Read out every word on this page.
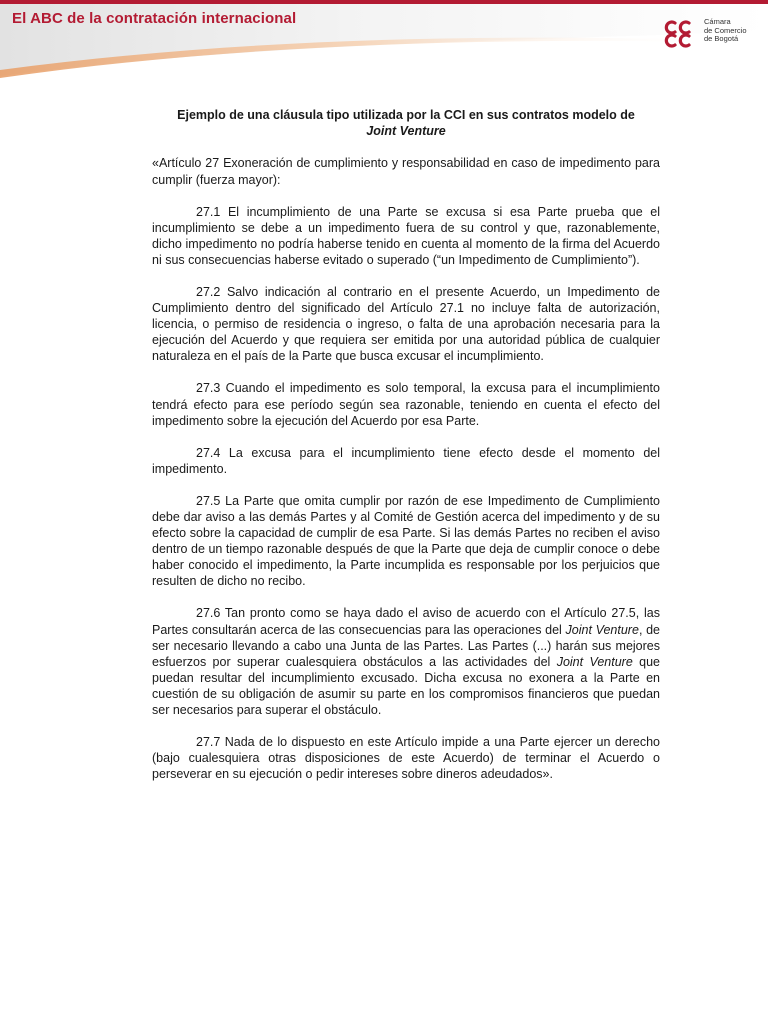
El ABC de la contratación internacional	Cámara
de Comercio
de Bogotá
Ejemplo de una cláusula tipo utilizada por la CCI en sus contratos modelo de
Joint Venture

«Artículo 27 Exoneración de cumplimiento y responsabilidad en caso de impedimento para cumplir (fuerza mayor):

27.1 El incumplimiento de una Parte se excusa si esa Parte prueba que el incumplimiento se debe a un impedimento fuera de su control y que, razonablemente, dicho impedimento no podría haberse tenido en cuenta al momento de la firma del Acuerdo ni sus consecuencias haberse evitado o superado (“un Impedimento de Cumplimiento”).

27.2 Salvo indicación al contrario en el presente Acuerdo, un Impedimento de Cumplimiento dentro del significado del Artículo 27.1 no incluye falta de autorización, licencia, o permiso de residencia o ingreso, o falta de una aprobación necesaria para la ejecución del Acuerdo y que requiera ser emitida por una autoridad pública de cualquier naturaleza en el país de la Parte que busca excusar el incumplimiento.

27.3 Cuando el impedimento es solo temporal, la excusa para el incumplimiento tendrá efecto para ese período según sea razonable, teniendo en cuenta el efecto del impedimento sobre la ejecución del Acuerdo por esa Parte.

27.4 La excusa para el incumplimiento tiene efecto desde el momento del impedimento.

27.5 La Parte que omita cumplir por razón de ese Impedimento de Cumplimiento debe dar aviso a las demás Partes y al Comité de Gestión acerca del impedimento y de su efecto sobre la capacidad de cumplir de esa Parte. Si las demás Partes no reciben el aviso dentro de un tiempo razonable después de que la Parte que deja de cumplir conoce o debe haber conocido el impedimento, la Parte incumplida es responsable por los perjuicios que resulten de dicho no recibo.

27.6 Tan pronto como se haya dado el aviso de acuerdo con el Artículo 27.5, las Partes consultarán acerca de las consecuencias para las operaciones del Joint Venture, de ser necesario llevando a cabo una Junta de las Partes. Las Partes (...) harán sus mejores esfuerzos por superar cualesquiera obstáculos a las actividades del Joint Venture que puedan resultar del incumplimiento excusado. Dicha excusa no exonera a la Parte en cuestión de su obligación de asumir su parte en los compromisos financieros que puedan ser necesarios para superar el obstáculo.

27.7 Nada de lo dispuesto en este Artículo impide a una Parte ejercer un derecho (bajo cualesquiera otras disposiciones de este Acuerdo) de terminar el Acuerdo o perseverar en su ejecución o pedir intereses sobre dineros adeudados».
